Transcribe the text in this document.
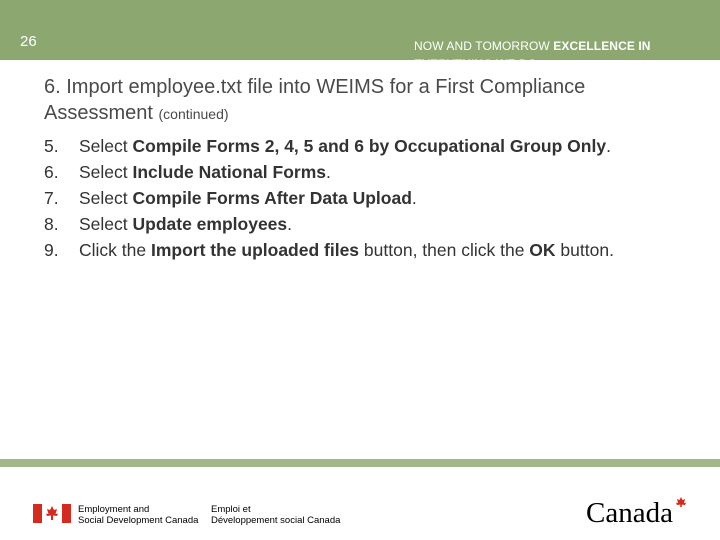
26	NOW AND TOMORROW EXCELLENCE IN EVERYTHING WE DO
6. Import employee.txt file into WEIMS for a First Compliance Assessment (continued)
5. Select Compile Forms 2, 4, 5 and 6 by Occupational Group Only.
6. Select Include National Forms.
7. Select Compile Forms After Data Upload.
8. Select Update employees.
9. Click the Import the uploaded files button, then click the OK button.
Employment and
Social Development Canada
Emploi et
Développement social Canada	Canada
